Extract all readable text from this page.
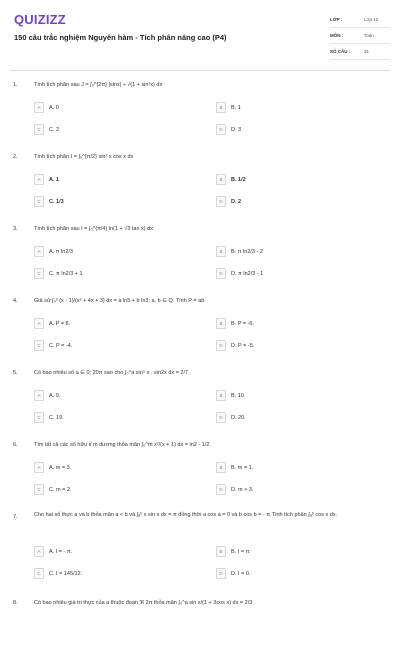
QUIZIZZ
150 câu trắc nghiệm Nguyên hàm - Tích phân nâng cao (P4)
LỚP :	Lớp 12
MÔN :	Toán
SỐ CÂU :	31
1.	Tính tích phân sau J = ∫₀^{2π} |sinx| ÷ √(1 + sin²x) dx
A	A. 0	B	B. 1
C	C. 2	D	D. 3
2.	Tính tích phân I = ∫₀^{π/2} sin² x cos x dx
A	A. 1	B	B. 1/2
C	C. 1/3	D	D. 2
3.	Tính tích phân sau I = ∫₀^{π/4} ln(1 + √3 tan x) dx
A	A. π ln2/3	B	B. π ln2/3 - 2
C	C. π ln2/3 + 1	D	D. π ln2/3 - 1
4.	Giả sử ∫₀² (x - 1)/(x² + 4x + 3) dx = a ln5 + b ln3; a, b ∈ Q. Tính P = ab.
A	A. P = 8.	B	B. P = -6.
C	C. P = -4.	D	D. P = -5.
5.	Có bao nhiêu số a ∈ 0; 20π sao cho ∫₀^a sin⁵ x . sin2x dx = 2/7
A	A. 9.	B	B. 10.
C	C. 19.	D	D. 20.
6.	Tìm tất cả các số hữu tỉ m dương thỏa mãn ∫₀^m x²/(x + 1) dx = ln2 - 1/2
A	A. m = 3.	B	B. m = 1.
C	C. m = 2.	D	D. m > 3.
7.	Cho hai số thực a và b thỏa mãn a < b và ∫ₐᵇ x sin x dx = π đồng thời a cos a = 0 và b cos b = - π.Tính tích phân ∫ₐᵇ cos x dx.
A	A. I = - π.	B	B. I = π.
C	C. I = 145/12.	D	D. I = 0.
8.	Có bao nhiêu giá trị thực của a thuộc đoạn ℜ 2π thỏa mãn ∫₀^a sin x/(1 + 3cos x) dx = 2/3
